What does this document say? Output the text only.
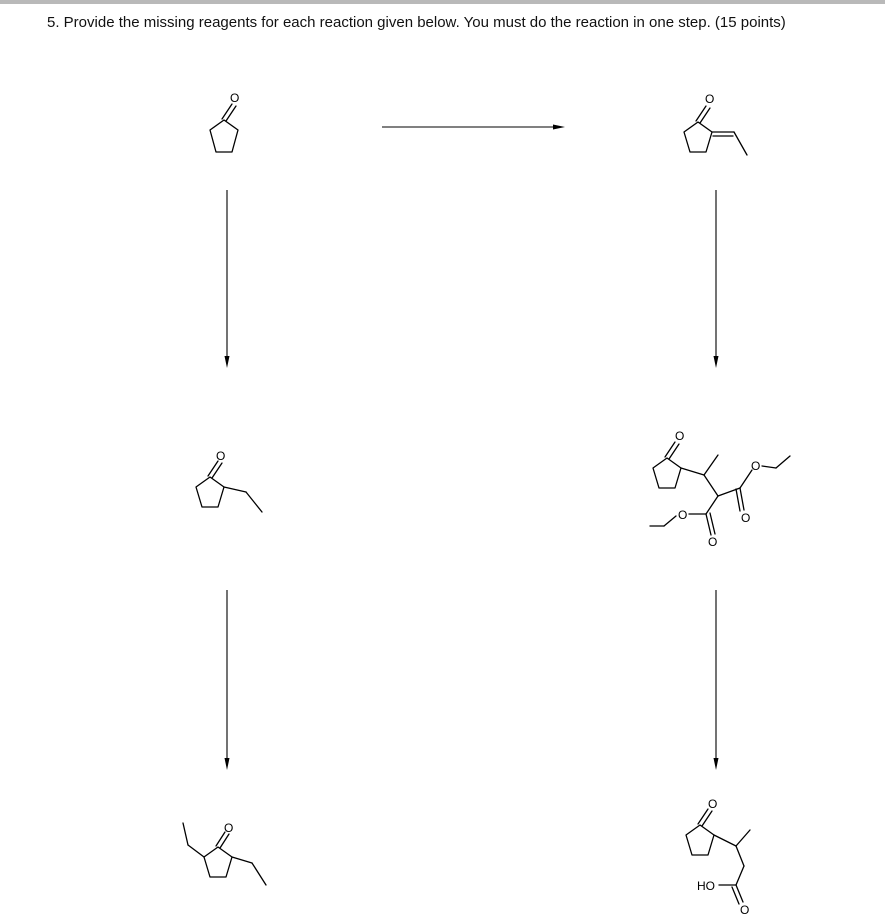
5. Provide the missing reagents for each reaction given below. You must do the reaction in one step. (15 points)
O	O
O
O
O
O
O
O
O
O
O
HO
